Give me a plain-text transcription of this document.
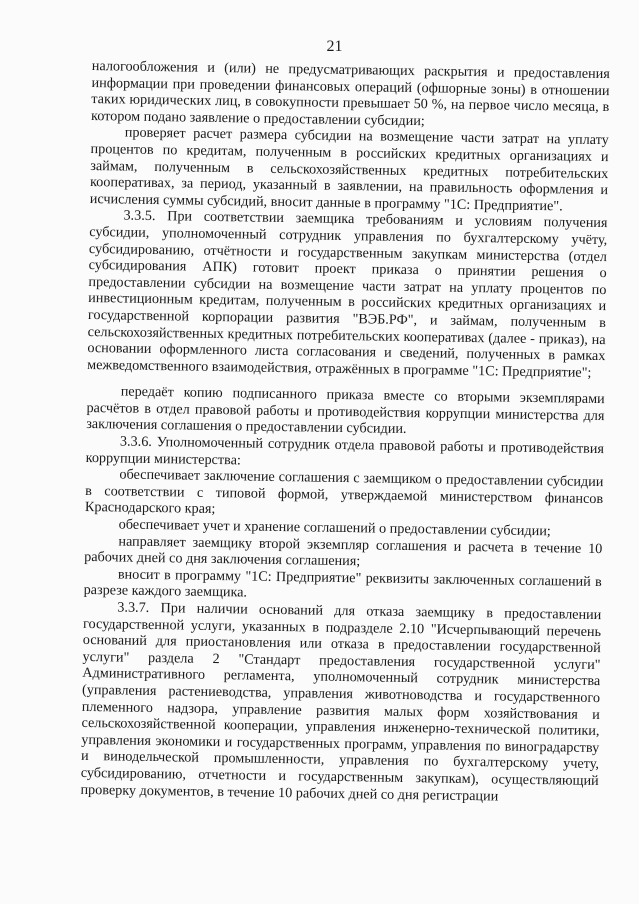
21

налогообложения и (или) не предусматривающих раскрытия и предоставления информации при проведении финансовых операций (офшорные зоны) в отношении таких юридических лиц, в совокупности превышает 50 %, на первое число месяца, в котором подано заявление о предоставлении субсидии;

проверяет расчет размера субсидии на возмещение части затрат на уплату процентов по кредитам, полученным в российских кредитных организациях и займам, полученным в сельскохозяйственных кредитных потребительских кооперативах, за период, указанный в заявлении, на правильность оформления и исчисления суммы субсидий, вносит данные в программу "1С: Предприятие".

3.3.5. При соответствии заемщика требованиям и условиям получения субсидии, уполномоченный сотрудник управления по бухгалтерскому учёту, субсидированию, отчётности и государственным закупкам министерства (отдел субсидирования АПК) готовит проект приказа о принятии решения о предоставлении субсидии на возмещение части затрат на уплату процентов по инвестиционным кредитам, полученным в российских кредитных организациях и государственной корпорации развития "ВЭБ.РФ", и займам, полученным в сельскохозяйственных кредитных потребительских кооперативах (далее - приказ), на основании оформленного листа согласования и сведений, полученных в рамках межведомственного взаимодействия, отражённых в программе "1С: Предприятие";

передаёт копию подписанного приказа вместе со вторыми экземплярами расчётов в отдел правовой работы и противодействия коррупции министерства для заключения соглашения о предоставлении субсидии.

3.3.6. Уполномоченный сотрудник отдела правовой работы и противодействия коррупции министерства:

обеспечивает заключение соглашения с заемщиком о предоставлении субсидии в соответствии с типовой формой, утверждаемой министерством финансов Краснодарского края;

обеспечивает учет и хранение соглашений о предоставлении субсидии;

направляет заемщику второй экземпляр соглашения и расчета в течение 10 рабочих дней со дня заключения соглашения;

вносит в программу "1С: Предприятие" реквизиты заключенных соглашений в разрезе каждого заемщика.

3.3.7. При наличии оснований для отказа заемщику в предоставлении государственной услуги, указанных в подразделе 2.10 "Исчерпывающий перечень оснований для приостановления или отказа в предоставлении государственной услуги" раздела 2 "Стандарт предоставления государственной услуги" Административного регламента, уполномоченный сотрудник министерства (управления растениеводства, управления животноводства и государственного племенного надзора, управление развития малых форм хозяйствования и сельскохозяйственной кооперации, управления инженерно-технической политики, управления экономики и государственных программ, управления по виноградарству и винодельческой промышленности, управления по бухгалтерскому учету, субсидированию, отчетности и государственным закупкам), осуществляющий проверку документов, в течение 10 рабочих дней со дня регистрации
